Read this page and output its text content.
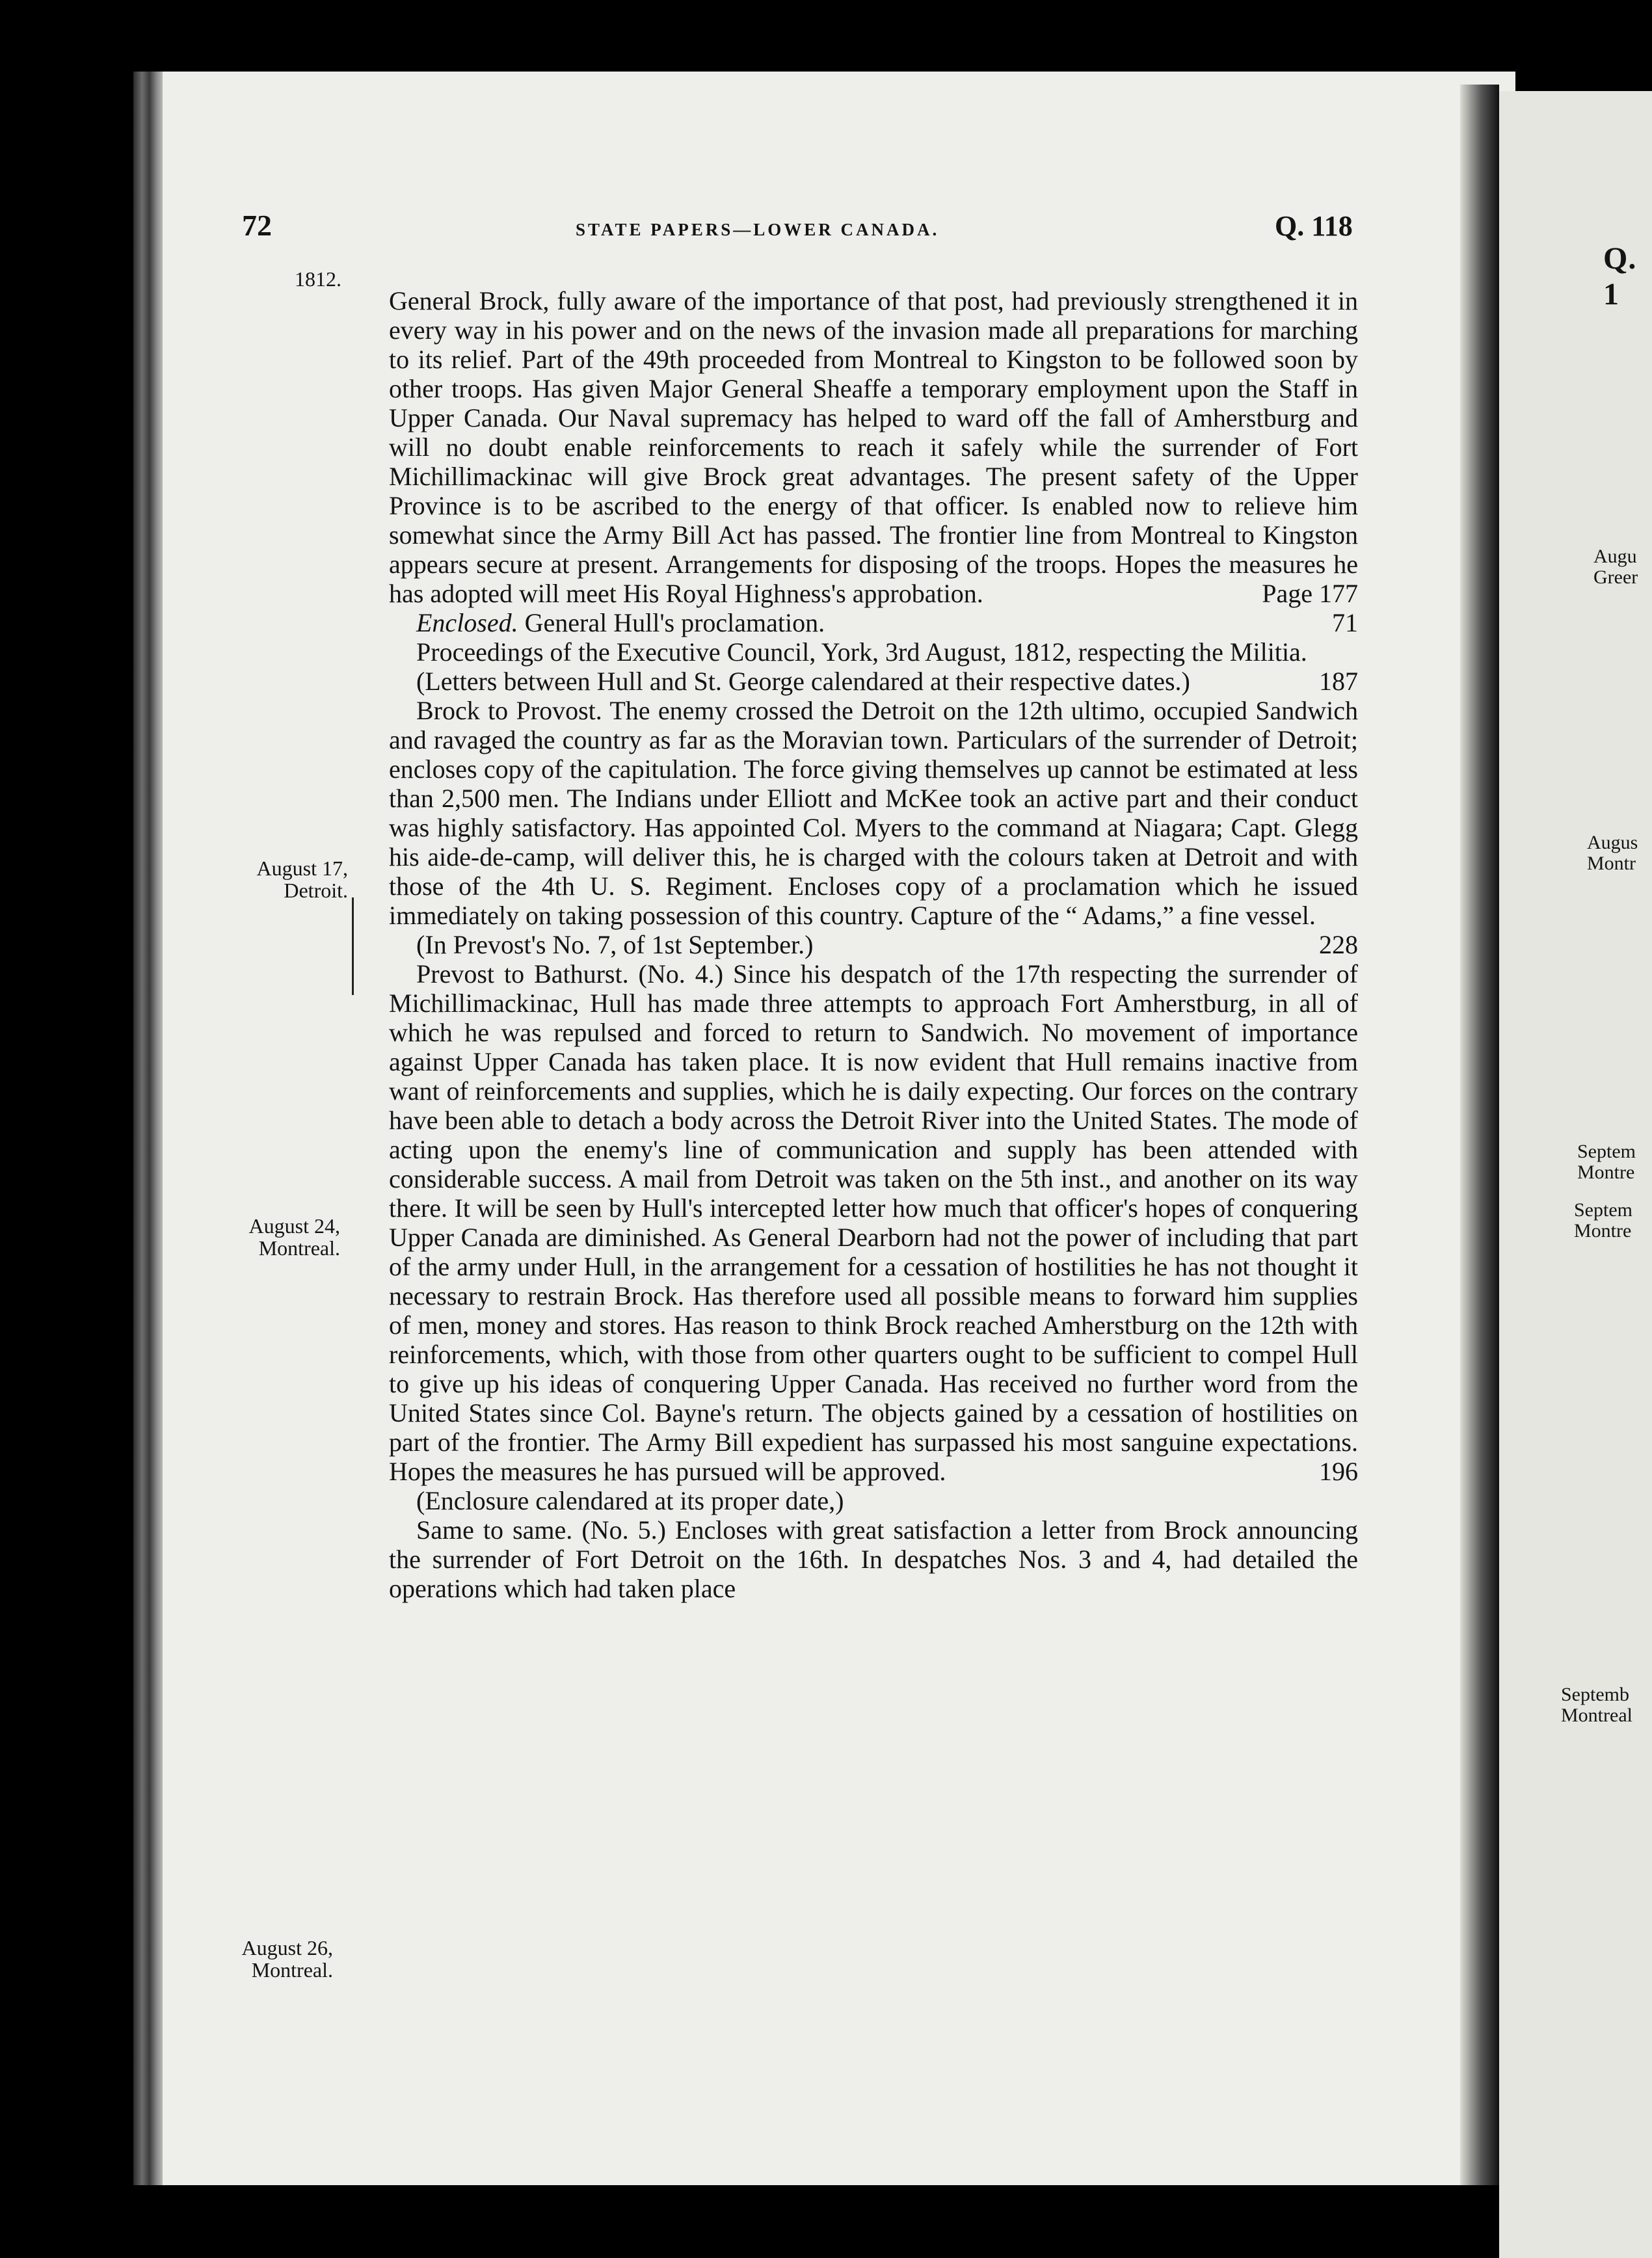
Q. 1
Augu
Greer
Augus
Montr
Septem
Montre
Septem
Montre
Septemb
Montreal
72	STATE PAPERS—LOWER CANADA.	Q. 118
1812.
August 17,
Detroit.
August 24,
Montreal.
August 26,
Montreal.

General Brock, fully aware of the importance of that post, had previously strengthened it in every way in his power and on the news of the invasion made all preparations for marching to its relief. Part of the 49th proceeded from Montreal to Kingston to be followed soon by other troops. Has given Major General Sheaffe a temporary employment upon the Staff in Upper Canada. Our Naval supremacy has helped to ward off the fall of Amherstburg and will no doubt enable reinforcements to reach it safely while the surrender of Fort Michillimackinac will give Brock great advantages. The present safety of the Upper Province is to be ascribed to the energy of that officer. Is enabled now to relieve him somewhat since the Army Bill Act has passed. The frontier line from Montreal to Kingston appears secure at present. Arrangements for disposing of the troops. Hopes the measures he has adopted will meet His Royal Highness's approbation.	Page 177

Enclosed. General Hull's proclamation.	71

Proceedings of the Executive Council, York, 3rd August, 1812, respecting the Militia.
187

(Letters between Hull and St. George calendared at their respective dates.)

Brock to Provost. The enemy crossed the Detroit on the 12th ultimo, occupied Sandwich and ravaged the country as far as the Moravian town. Particulars of the surrender of Detroit; encloses copy of the capitulation. The force giving themselves up cannot be estimated at less than 2,500 men. The Indians under Elliott and McKee took an active part and their conduct was highly satisfactory. Has appointed Col. Myers to the command at Niagara; Capt. Glegg his aide-de-camp, will deliver this, he is charged with the colours taken at Detroit and with those of the 4th U. S. Regiment. Encloses copy of a proclamation which he issued immediately on taking possession of this country. Capture of the “ Adams,” a fine vessel.
228

(In Prevost's No. 7, of 1st September.)

Prevost to Bathurst. (No. 4.) Since his despatch of the 17th respecting the surrender of Michillimackinac, Hull has made three attempts to approach Fort Amherstburg, in all of which he was repulsed and forced to return to Sandwich. No movement of importance against Upper Canada has taken place. It is now evident that Hull remains inactive from want of reinforcements and supplies, which he is daily expecting. Our forces on the contrary have been able to detach a body across the Detroit River into the United States. The mode of acting upon the enemy's line of communication and supply has been attended with considerable success. A mail from Detroit was taken on the 5th inst., and another on its way there. It will be seen by Hull's intercepted letter how much that officer's hopes of conquering Upper Canada are diminished. As General Dearborn had not the power of including that part of the army under Hull, in the arrangement for a cessation of hostilities he has not thought it necessary to restrain Brock. Has therefore used all possible means to forward him supplies of men, money and stores. Has reason to think Brock reached Amherstburg on the 12th with reinforcements, which, with those from other quarters ought to be sufficient to compel Hull to give up his ideas of conquering Upper Canada. Has received no further word from the United States since Col. Bayne's return. The objects gained by a cessation of hostilities on part of the frontier. The Army Bill expedient has surpassed his most sanguine expectations. Hopes the measures he has pursued will be approved.	196

(Enclosure calendared at its proper date,)

Same to same. (No. 5.) Encloses with great satisfaction a letter from Brock announcing the surrender of Fort Detroit on the 16th. In despatches Nos. 3 and 4, had detailed the operations which had taken place
